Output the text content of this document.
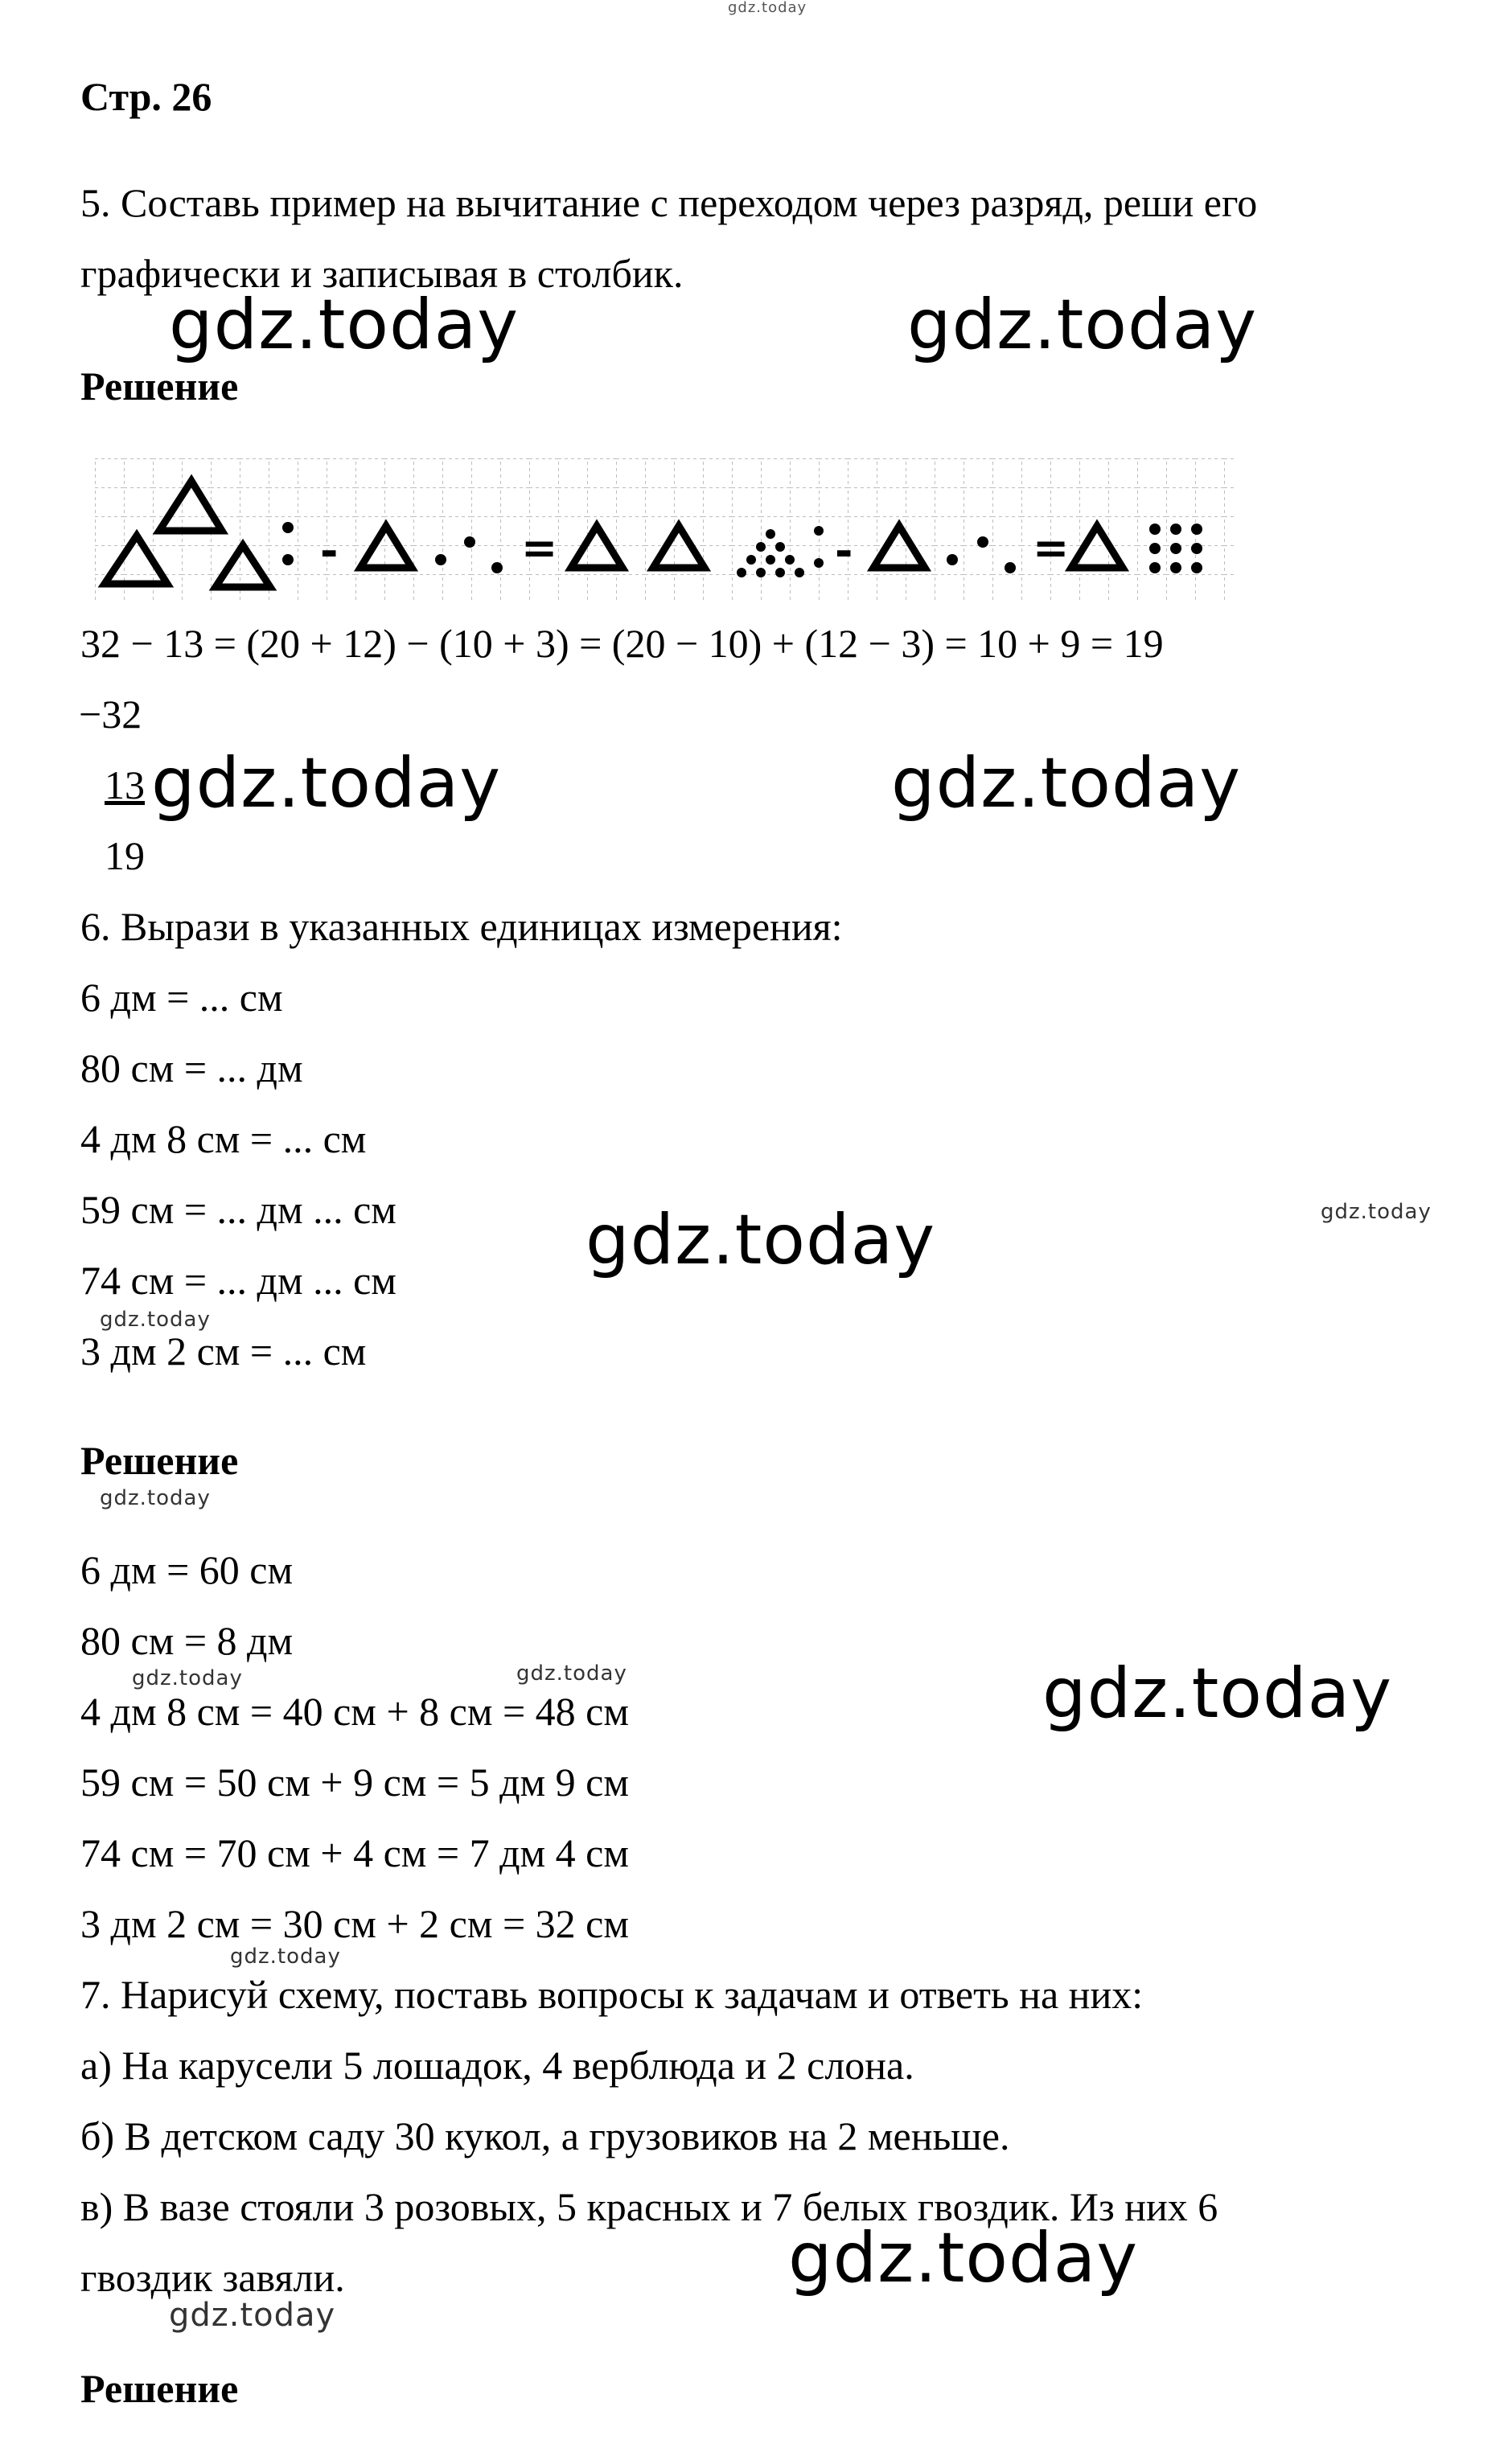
gdz.today
Стр. 26
5. Составь пример на вычитание с переходом через разряд, реши его
графически и записывая в столбик.
gdz.today	gdz.today
Решение
-	=	-	=
32 − 13 = (20 + 12) − (10 + 3) = (20 − 10) + (12 − 3) = 10 + 9 = 19
−32
13 gdz.today	gdz.today
19
6. Вырази в указанных единицах измерения:
6 дм = ... см
80 см = ... дм
4 дм 8 см = ... см
59 см = ... дм ... см	gdz.today	gdz.today
74 см = ... дм ... см
gdz.today
3 дм 2 см = ... см
Решение
gdz.today
6 дм = 60 см
80 см = 8 дм
gdz.today
gdz.today	gdz.today
4 дм 8 см = 40 см + 8 см = 48 см
59 см = 50 см + 9 см = 5 дм 9 см
74 см = 70 см + 4 см = 7 дм 4 см
3 дм 2 см = 30 см + 2 см = 32 см
gdz.today
7. Нарисуй схему, поставь вопросы к задачам и ответь на них:
а) На карусели 5 лошадок, 4 верблюда и 2 слона.
б) В детском саду 30 кукол, а грузовиков на 2 меньше.
в) В вазе стояли 3 розовых, 5 красных и 7 белых гвоздик. Из них 6
gdz.today
гвоздик завяли.
gdz.today
Решение
